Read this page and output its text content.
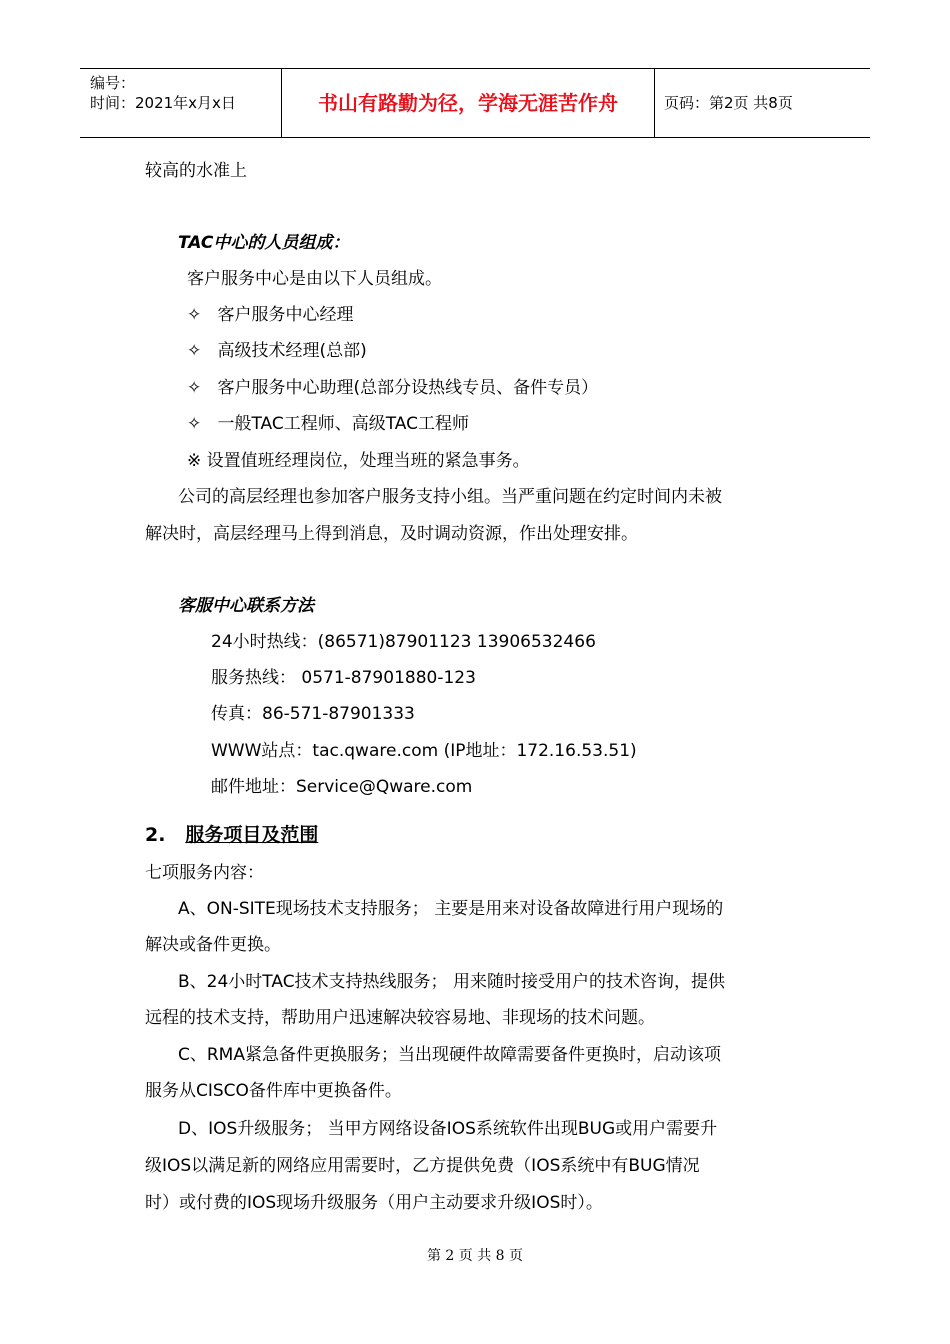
编号：
时间：2021年x月x日	书山有路勤为径，学海无涯苦作舟	页码：第2页 共8页
较高的水准上
TAC中心的人员组成：
客户服务中心是由以下人员组成。
✧ 客户服务中心经理
✧ 高级技术经理(总部)
✧ 客户服务中心助理(总部分设热线专员、备件专员）
✧ 一般TAC工程师、高级TAC工程师
※ 设置值班经理岗位，处理当班的紧急事务。
公司的高层经理也参加客户服务支持小组。当严重问题在约定时间内未被
解决时，高层经理马上得到消息，及时调动资源，作出处理安排。
客服中心联系方法
24小时热线：(86571)87901123 13906532466
服务热线： 0571-87901880-123
传真：86-571-87901333
WWW站点：tac.qware.com (IP地址：172.16.53.51)
邮件地址：Service@Qware.com
2. 服务项目及范围
七项服务内容：
A、ON-SITE现场技术支持服务； 主要是用来对设备故障进行用户现场的
解决或备件更换。
B、24小时TAC技术支持热线服务； 用来随时接受用户的技术咨询，提供
远程的技术支持，帮助用户迅速解决较容易地、非现场的技术问题。
C、RMA紧急备件更换服务；当出现硬件故障需要备件更换时，启动该项
服务从CISCO备件库中更换备件。
D、IOS升级服务； 当甲方网络设备IOS系统软件出现BUG或用户需要升
级IOS以满足新的网络应用需要时，乙方提供免费（IOS系统中有BUG情况
时）或付费的IOS现场升级服务（用户主动要求升级IOS时）。
第 2 页 共 8 页
